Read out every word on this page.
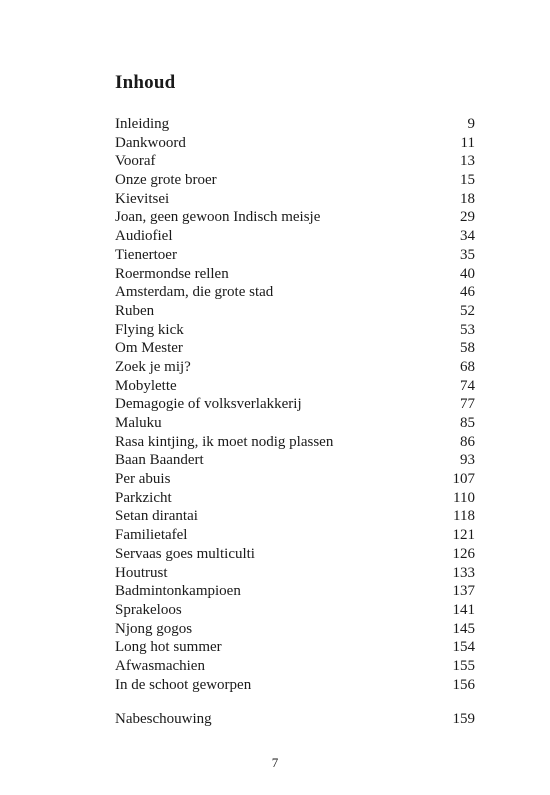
Inhoud
Inleiding	9
Dankwoord	11
Vooraf	13
Onze grote broer	15
Kievitsei	18
Joan, geen gewoon Indisch meisje	29
Audiofiel	34
Tienertoer	35
Roermondse rellen	40
Amsterdam, die grote stad	46
Ruben	52
Flying kick	53
Om Mester	58
Zoek je mij?	68
Mobylette	74
Demagogie of volksverlakkerij	77
Maluku	85
Rasa kintjing, ik moet nodig plassen	86
Baan Baandert	93
Per abuis	107
Parkzicht	110
Setan dirantai	118
Familietafel	121
Servaas goes multiculti	126
Houtrust	133
Badmintonkampioen	137
Sprakeloos	141
Njong gogos	145
Long hot summer	154
Afwasmachien	155
In de schoot geworpen	156
Nabeschouwing	159
7
